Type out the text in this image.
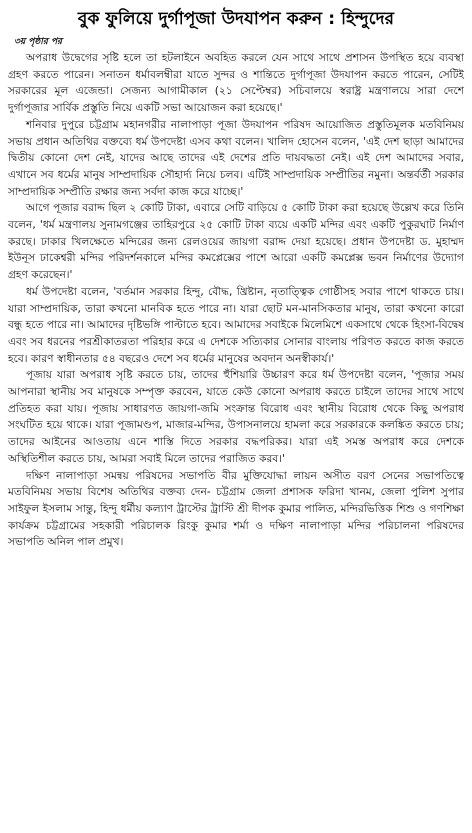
বুক ফুলিয়ে দুর্গাপূজা উদযাপন করুন : হিন্দুদের
৩য় পৃষ্ঠার পর

অপরাধ উদ্বেগের সৃষ্টি হলে তা হটলাইনে অবহিত করলে যেন সাথে সাথে প্রশাসন উপস্থিত হয়ে ব্যবস্থা গ্রহণ করতে পারেন। সনাতন ধর্মাবলম্বীরা যাতে সুন্দর ও শান্তিতে দুর্গাপূজা উদযাপন করতে পারেন, সেটিই সরকারের মূল এজেন্ডা। সেজন্য আগামীকাল (২১ সেপ্টেম্বর) সচিবালয়ে স্বরাষ্ট্র মন্ত্রণালয়ে সারা দেশে দুর্গাপূজার সার্বিক প্রস্তুতি নিয়ে একটি সভা আয়োজন করা হয়েছে।'

শনিবার দুপুরে চট্টগ্রাম মহানগরীর নালাপাড়া পূজা উদযাপন পরিষদ আয়োজিত প্রস্তুতিমূলক মতবিনিময় সভায় প্রধান অতিথির বক্তব্যে ধর্ম উপদেষ্টা এসব কথা বলেন। খালিদ হোসেন বলেন, 'এই দেশ ছাড়া আমাদের দ্বিতীয় কোনো দেশ নেই, যাদের আছে তাদের এই দেশের প্রতি দায়বদ্ধতা নেই। এই দেশ আমাদের সবার, এখানে সব ধর্মের মানুষ সাম্প্রদায়িক সৌহার্দ্য নিয়ে চলব। এটিই সাম্প্রদায়িক সম্প্রীতির নমুনা। অন্তর্বর্তী সরকার সাম্প্রদায়িক সম্প্রীতি রক্ষার জন্য সর্বদা কাজ করে যাচ্ছে।'

আগে পূজার বরাদ্দ ছিল ২ কোটি টাকা, এবারে সেটি বাড়িয়ে ৫ কোটি টাকা করা হয়েছে উল্লেখ করে তিনি বলেন, 'ধর্ম মন্ত্রণালয় সুনামগঞ্জের তাহিরপুরে ২৫ কোটি টাকা ব্যয়ে একটি মন্দির এবং একটি পুকুরঘাট নির্মাণ করছে। ঢাকার খিলক্ষেতে মন্দিরের জন্য রেলওয়ের জায়গা বরাদ্দ দেয়া হয়েছে। প্রধান উপদেষ্টা ড. মুহাম্মদ ইউনূস ঢাকেশ্বরী মন্দির পরিদর্শনকালে মন্দির কমপ্লেক্সের পাশে আরো একটি কমপ্লেক্স ভবন নির্মাণের উদ্যোগ গ্রহণ করেছেন।'

ধর্ম উপদেষ্টা বলেন, 'বর্তমান সরকার হিন্দু, বৌদ্ধ, খ্রিষ্টান, নৃতাত্ত্বিক গোষ্ঠীসহ সবার পাশে থাকতে চায়। যারা সাম্প্রদায়িক, তারা কখনো মানবিক হতে পারে না। যারা ছোট মন-মানসিকতার মানুষ, তারা কখনো কারো বন্ধু হতে পারে না। আমাদের দৃষ্টিভঙ্গি পাল্টাতে হবে। আমাদের সবাইকে মিলেমিশে একসাথে থেকে হিংসা-বিদ্বেষ এবং সব ধরনের পরশ্রীকাতরতা পরিহার করে এ দেশকে সত্যিকার সোনার বাংলায় পরিণত করতে কাজ করতে হবে। কারণ স্বাধীনতার ৫৪ বছরেও দেশে সব ধর্মের মানুষের অবদান অনস্বীকার্য।'

পূজায় যারা অপরাধ সৃষ্টি করতে চায়, তাদের হুঁশিয়ারি উচ্চারণ করে ধর্ম উপদেষ্টা বলেন, 'পূজার সময় আপনারা স্থানীয় সব মানুষকে সম্পৃক্ত করবেন, যাতে কেউ কোনো অপরাধ করতে চাইলে তাদের সাথে সাথে প্রতিহত করা যায়। পূজায় সাধারণত জায়গা-জমি সংক্রান্ত বিরোধ এবং স্থানীয় বিরোধ থেকে কিছু অপরাধ সংঘটিত হয়ে থাকে। যারা পূজামণ্ডপ, মাজার-মন্দির, উপাসনালয়ে হামলা করে সরকারকে কলঙ্কিত করতে চায়; তাদের আইনের আওতায় এনে শাস্তি দিতে সরকার বদ্ধপরিকর। যারা এই সমস্ত অপরাধ করে দেশকে অস্থিতিশীল করতে চায়, আমরা সবাই মিলে তাদের পরাজিত করব।'

দক্ষিণ নালাপাড়া সমন্বয় পরিষদের সভাপতি বীর মুক্তিযোদ্ধা লায়ন অসীত বরণ সেনের সভাপতিত্বে মতবিনিময় সভায় বিশেষ অতিথির বক্তব্য দেন- চট্টগ্রাম জেলা প্রশাসক ফরিদা খানম, জেলা পুলিশ সুপার সাইফুল ইসলাম সান্তু, হিন্দু ধর্মীয় কল্যাণ ট্রাস্টের ট্রাস্টি শ্রী দীপক কুমার পালিত, মন্দিরভিত্তিক শিশু ও গণশিক্ষা কার্যক্রম চট্টগ্রামের সহকারী পরিচালক রিংকু কুমার শর্মা ও দক্ষিণ নালাপাড়া মন্দির পরিচালনা পরিষদের সভাপতি অনিল পাল প্রমুখ।
